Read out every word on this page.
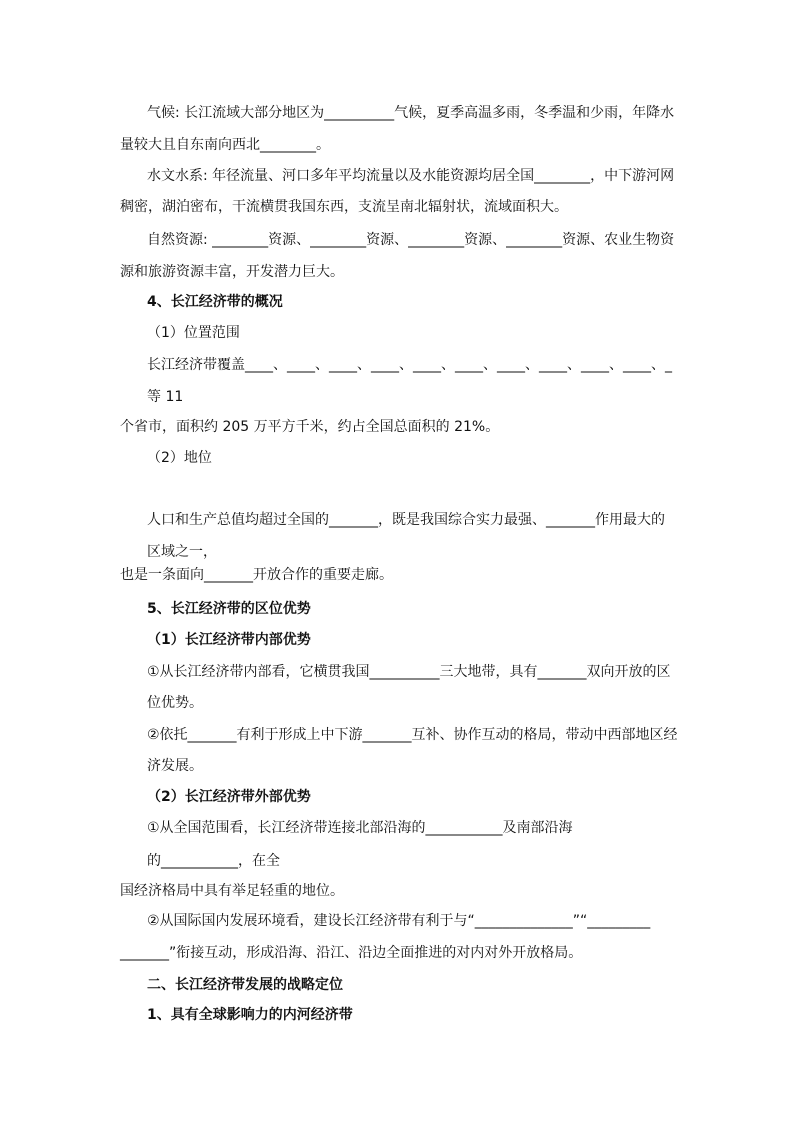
气候: 长江流域大部分地区为__________气候，夏季高温多雨，冬季温和少雨，年降水
量较大且自东南向西北________。
水文水系: 年径流量、河口多年平均流量以及水能资源均居全国________，中下游河网
稠密，湖泊密布，干流横贯我国东西，支流呈南北辐射状，流域面积大。
自然资源: ________资源、________资源、________资源、________资源、农业生物资
源和旅游资源丰富，开发潜力巨大。
4、长江经济带的概况
（1）位置范围
长江经济带覆盖____、____、____、____、____、____、____、____、____、____、_
等 11
个省市，面积约 205 万平方千米，约占全国总面积的 21%。
（2）地位
人口和生产总值均超过全国的_______，既是我国综合实力最强、_______作用最大的
区域之一，
也是一条面向_______开放合作的重要走廊。
5、长江经济带的区位优势
（1）长江经济带内部优势
①从长江经济带内部看，它横贯我国__________三大地带，具有_______双向开放的区
位优势。
②依托_______有利于形成上中下游_______互补、协作互动的格局，带动中西部地区经
济发展。
（2）长江经济带外部优势
①从全国范围看，长江经济带连接北部沿海的___________及南部沿海
的___________，在全
国经济格局中具有举足轻重的地位。
②从国际国内发展环境看，建设长江经济带有利于与“______________”“_________
_______”衔接互动，形成沿海、沿江、沿边全面推进的对内对外开放格局。
二、长江经济带发展的战略定位
1、具有全球影响力的内河经济带
